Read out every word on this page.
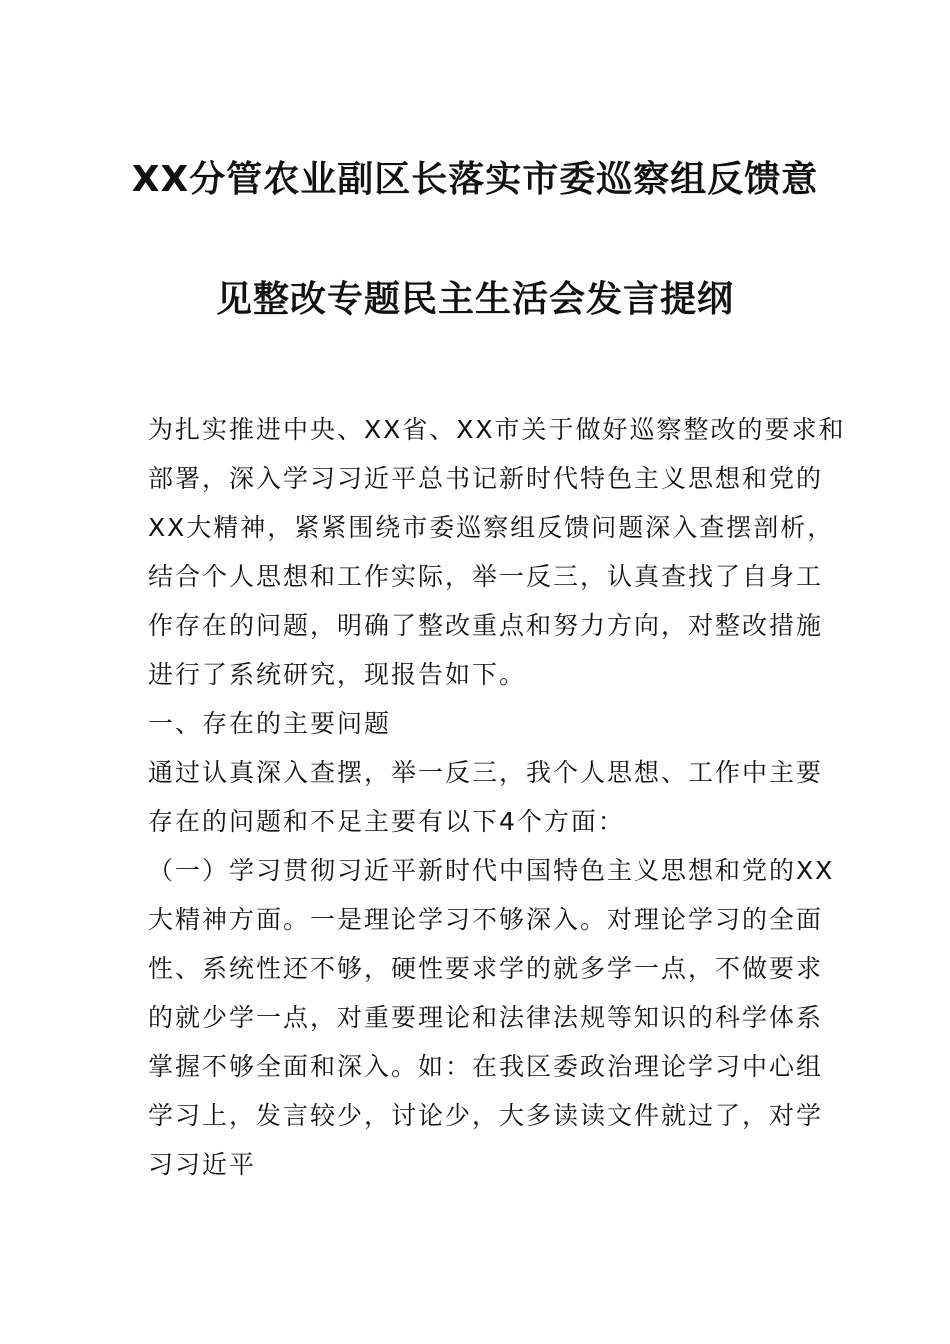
XX分管农业副区长落实市委巡察组反馈意
见整改专题民主生活会发言提纲
为扎实推进中央、XX省、XX市关于做好巡察整改的要求和
部署，深入学习习近平总书记新时代特色主义思想和党的
XX大精神，紧紧围绕市委巡察组反馈问题深入查摆剖析，
结合个人思想和工作实际，举一反三，认真查找了自身工
作存在的问题，明确了整改重点和努力方向，对整改措施
进行了系统研究，现报告如下。
一、存在的主要问题
通过认真深入查摆，举一反三，我个人思想、工作中主要
存在的问题和不足主要有以下4个方面：
（一）学习贯彻习近平新时代中国特色主义思想和党的XX
大精神方面。一是理论学习不够深入。对理论学习的全面
性、系统性还不够，硬性要求学的就多学一点，不做要求
的就少学一点，对重要理论和法律法规等知识的科学体系
掌握不够全面和深入。如：在我区委政治理论学习中心组
学习上，发言较少，讨论少，大多读读文件就过了，对学
习习近平
